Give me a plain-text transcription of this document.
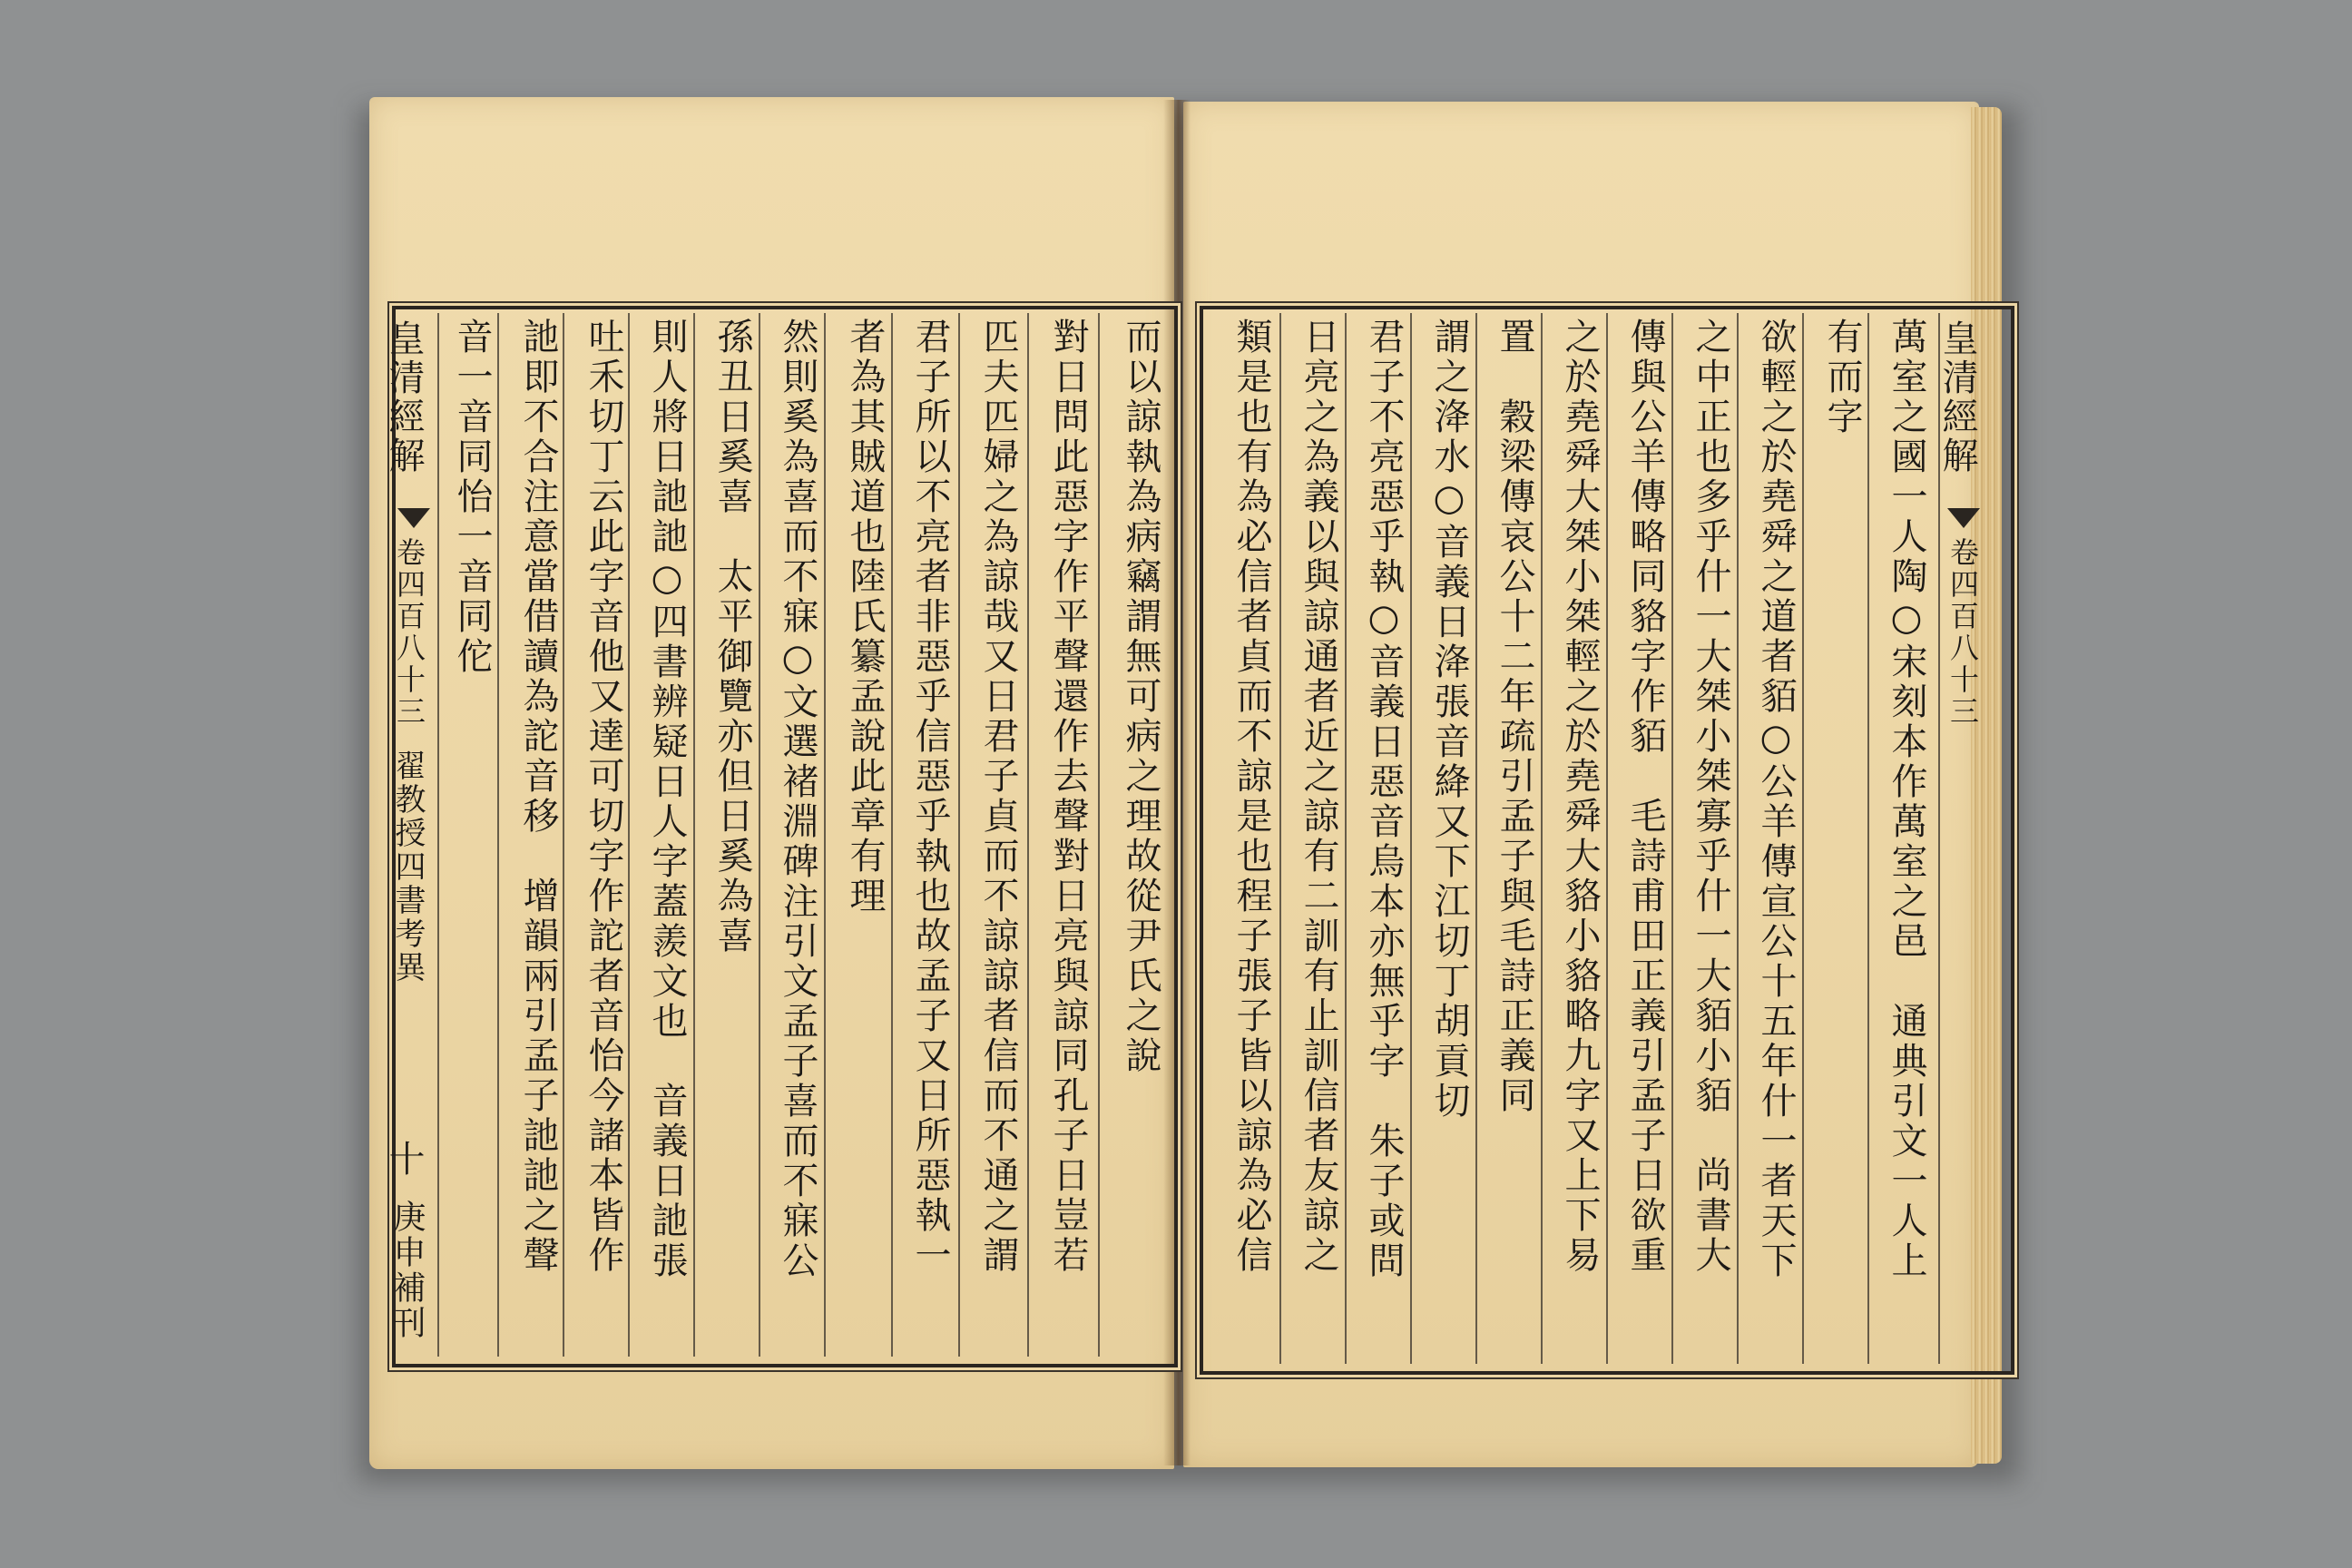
而以諒執為病竊謂無可病之理故從尹氏之說
對日問此惡字作平聲還作去聲對日亮與諒同孔子日豈若
匹夫匹婦之為諒哉又日君子貞而不諒諒者信而不通之謂
君子所以不亮者非惡乎信惡乎執也故孟子又日所惡執一
者為其賊道也陸氏纂孟說此章有理
然則奚為喜而不寐○文選褚淵碑注引文孟子喜而不寐公
孫丑日奚喜　太平御覽亦但日奚為喜
則人將日訑訑○四書辨疑日人字蓋羨文也　音義日訑張
吐禾切丁云此字音他又達可切字作詑者音怡今諸本皆作
訑即不合注意當借讀為詑音移　增韻兩引孟子訑訑之聲
音一音同怡一音同佗
皇清經解
卷四百八十三
翟教授四書考異
十
庚申補刊	萬室之國一人陶○宋刻本作萬室之邑　通典引文一人上
有而字
欲輕之於堯舜之道者貊○公羊傳宣公十五年什一者天下
之中正也多乎什一大桀小桀寡乎什一大貊小貊　尚書大
傳與公羊傳略同貉字作貊　毛詩甫田正義引孟子日欲重
之於堯舜大桀小桀輕之於堯舜大貉小貉略九字又上下易
置　穀梁傳哀公十二年疏引孟子與毛詩正義同
謂之洚水○音義日洚張音絳又下江切丁胡貢切
君子不亮惡乎執○音義日惡音烏本亦無乎字　朱子或問
日亮之為義以與諒通者近之諒有二訓有止訓信者友諒之
類是也有為必信者貞而不諒是也程子張子皆以諒為必信	皇清經解
卷四百八十三
